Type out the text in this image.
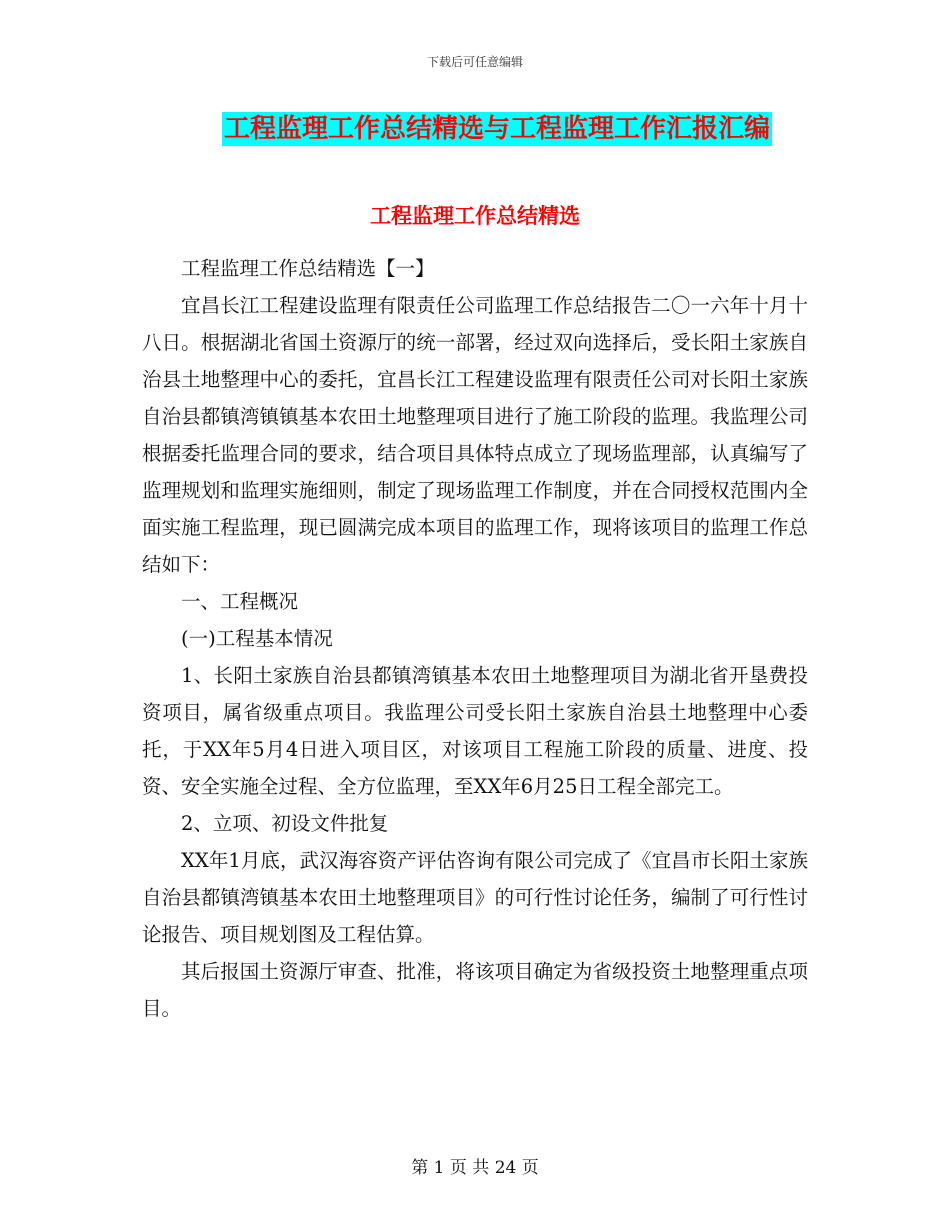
下载后可任意编辑
工程监理工作总结精选与工程监理工作汇报汇编
工程监理工作总结精选

工程监理工作总结精选【一】

宜昌长江工程建设监理有限责任公司监理工作总结报告二〇一六年十月十八日。根据湖北省国土资源厅的统一部署，经过双向选择后，受长阳土家族自治县土地整理中心的委托，宜昌长江工程建设监理有限责任公司对长阳土家族自治县都镇湾镇镇基本农田土地整理项目进行了施工阶段的监理。我监理公司根据委托监理合同的要求，结合项目具体特点成立了现场监理部，认真编写了监理规划和监理实施细则，制定了现场监理工作制度，并在合同授权范围内全面实施工程监理，现已圆满完成本项目的监理工作，现将该项目的监理工作总结如下：

一、工程概况

(一)工程基本情况

1、长阳土家族自治县都镇湾镇基本农田土地整理项目为湖北省开垦费投资项目，属省级重点项目。我监理公司受长阳土家族自治县土地整理中心委托，于XX年5月4日进入项目区，对该项目工程施工阶段的质量、进度、投资、安全实施全过程、全方位监理，至XX年6月25日工程全部完工。

2、立项、初设文件批复

XX年1月底，武汉海容资产评估咨询有限公司完成了《宜昌市长阳土家族自治县都镇湾镇基本农田土地整理项目》的可行性讨论任务，编制了可行性讨论报告、项目规划图及工程估算。

其后报国土资源厅审查、批准，将该项目确定为省级投资土地整理重点项目。

第 1 页 共 24 页
